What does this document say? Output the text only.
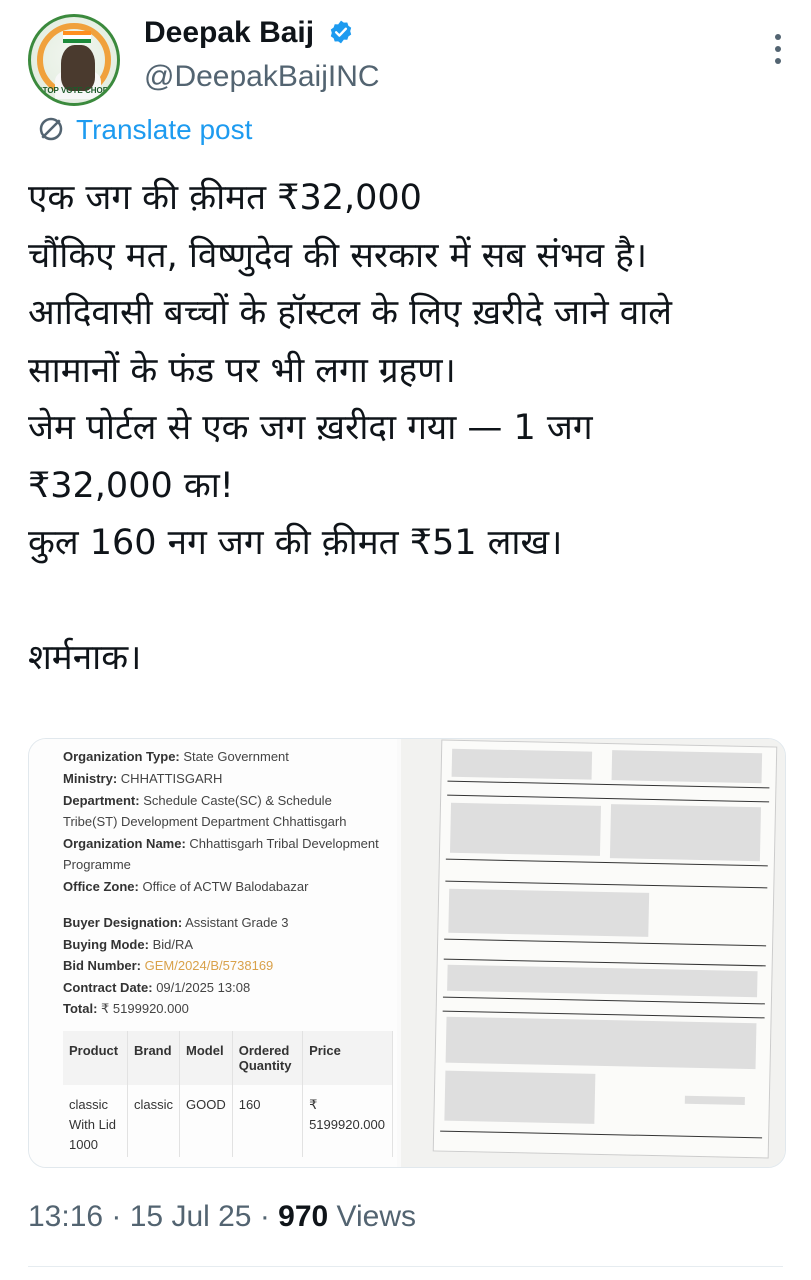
STOP VOTE CHORI
Deepak Baij
@DeepakBaijINC
Translate post
एक जग की क़ीमत ₹32,000
चौंकिए मत, विष्णुदेव की सरकार में सब संभव है।
आदिवासी बच्चों के हॉस्टल के लिए ख़रीदे जाने वाले
सामानों के फंड पर भी लगा ग्रहण।
जेम पोर्टल से एक जग ख़रीदा गया — 1 जग
₹32,000 का!
कुल 160 नग जग की क़ीमत ₹51 लाख।
शर्मनाक।
Organization Type: State Government
Ministry: CHHATTISGARH
Department: Schedule Caste(SC) & Schedule
Tribe(ST) Development Department Chhattisgarh
Organization Name: Chhattisgarh Tribal Development
Programme
Office Zone: Office of ACTW Balodabazar
Buyer Designation: Assistant Grade 3
Buying Mode: Bid/RA
Bid Number: GEM/2024/B/5738169
Contract Date: 09/1/2025 13:08
Total: ₹ 5199920.000
Product	Brand	Model	Ordered Quantity	Price
classic With Lid 1000	classic	GOOD	160	₹ 5199920.000
13:16 · 15 Jul 25 · 970 Views
